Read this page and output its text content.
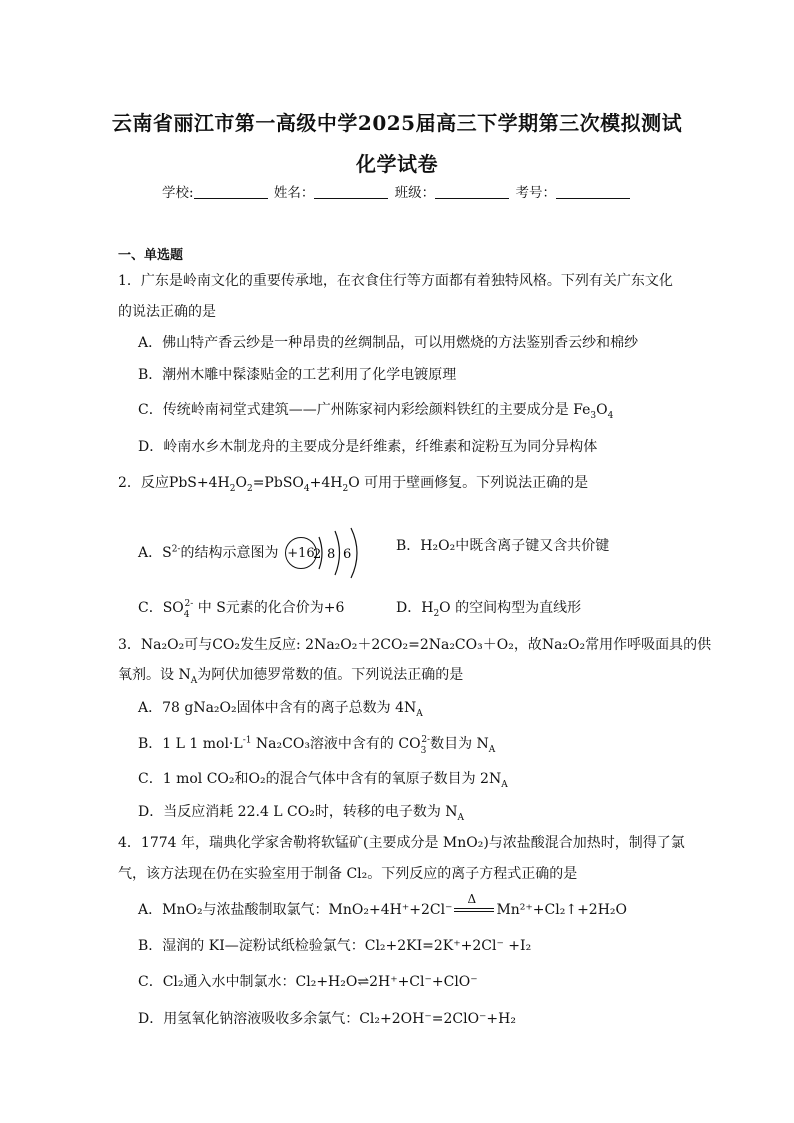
云南省丽江市第一高级中学2025届高三下学期第三次模拟测试
化学试卷
学校:	姓名：	班级：	考号：
一、单选题
1．广东是岭南文化的重要传承地，在衣食住行等方面都有着独特风格。下列有关广东文化
的说法正确的是
A．佛山特产香云纱是一种昂贵的丝绸制品，可以用燃烧的方法鉴别香云纱和棉纱
B．潮州木雕中髹漆贴金的工艺利用了化学电镀原理
C．传统岭南祠堂式建筑——广州陈家祠内彩绘颜料铁红的主要成分是 $Fe_3O_4$
D．岭南水乡木制龙舟的主要成分是纤维素，纤维素和淀粉互为同分异构体
2．反应$PbS+4H_2O_2=PbSO_4+4H_2O$ 可用于壁画修复。下列说法正确的是
A．$S^{2-}$的结构示意图为 +16
2 8 6
B．H₂O₂中既含离子键又含共价键
C．$SO_4^{2-}$ 中 S元素的化合价为+6	D．$H_2O$ 的空间构型为直线形
3．Na₂O₂可与CO₂发生反应: 2Na₂O₂＋2CO₂=2Na₂CO₃＋O₂，故Na₂O₂常用作呼吸面具的供
氧剂。设 $N_A$为阿伏加德罗常数的值。下列说法正确的是
A．78 gNa₂O₂固体中含有的离子总数为 $4N_A$
B．1 L 1 $mol\cdot L^{-1}$ Na₂CO₃溶液中含有的 $CO_3^{2-}$数目为 $N_A$
C．1 mol CO₂和O₂的混合气体中含有的氧原子数目为 $2N_A$
D．当反应消耗 22.4 L CO₂时，转移的电子数为 $N_A$
4．1774 年，瑞典化学家舍勒将软锰矿(主要成分是 MnO₂)与浓盐酸混合加热时，制得了氯
气，该方法现在仍在实验室用于制备 Cl₂。下列反应的离子方程式正确的是
A．MnO₂与浓盐酸制取氯气：MnO₂+4H⁺+2Cl⁻
Δ
Mn²⁺+Cl₂↑+2H₂O
B．湿润的 KI—淀粉试纸检验氯气：Cl₂+2KI=2K⁺+2Cl⁻ +I₂
C．Cl₂通入水中制氯水：Cl₂+H₂O⇌2H⁺+Cl⁻+ClO⁻
D．用氢氧化钠溶液吸收多余氯气：Cl₂+2OH⁻=2ClO⁻+H₂
